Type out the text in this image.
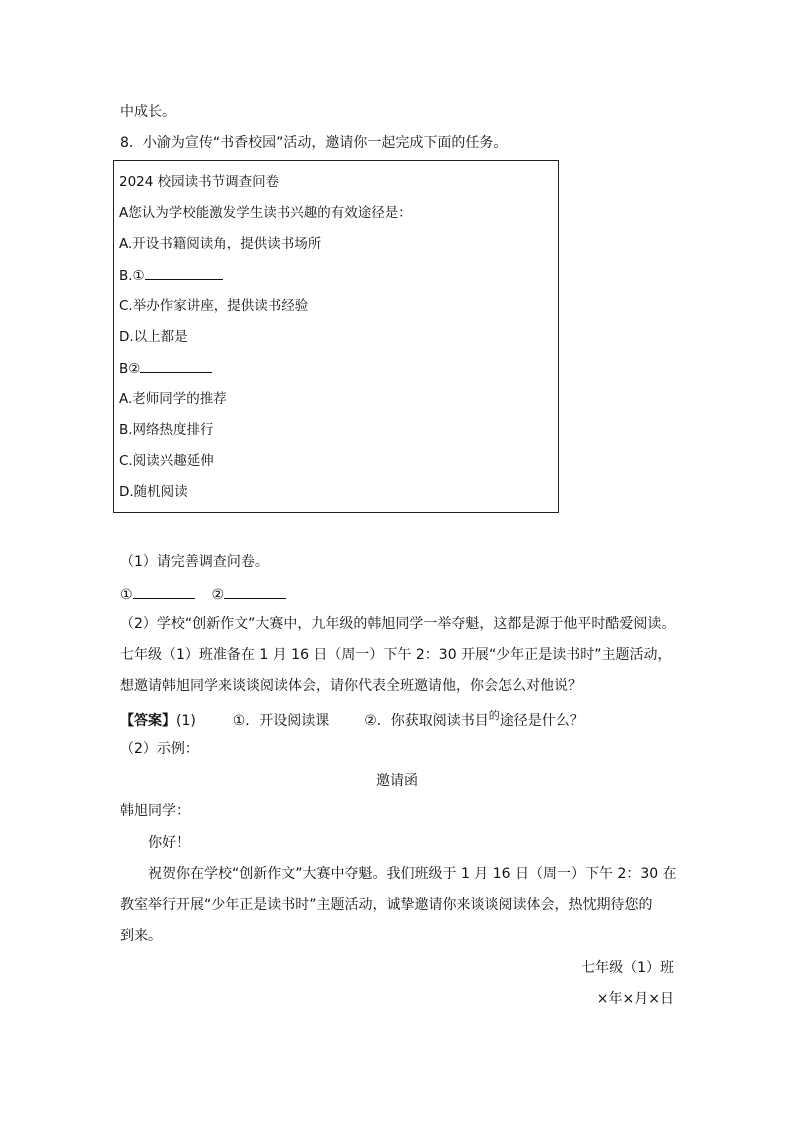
中成长。
8．小渝为宣传“书香校园”活动，邀请你一起完成下面的任务。
2024 校园读书节调查问卷
A您认为学校能激发学生读书兴趣的有效途径是：
A.开设书籍阅读角，提供读书场所
B.①
C.举办作家讲座，提供读书经验
D.以上都是
B②
A.老师同学的推荐
B.网络热度排行
C.阅读兴趣延伸
D.随机阅读
（1）请完善调查问卷。
①	②
（2）学校“创新作文”大赛中，九年级的韩旭同学一举夺魁，这都是源于他平时酷爱阅读。
七年级（1）班准备在 1 月 16 日（周一）下午 2：30 开展“少年正是读书时”主题活动，
想邀请韩旭同学来谈谈阅读体会，请你代表全班邀请他，你会怎么对他说？
【答案】(1)	①．开设阅读课 ②．你获取阅读书目$^的$途径是什么？
（2）示例：
邀请函
韩旭同学：
你好！
祝贺你在学校“创新作文”大赛中夺魁。我们班级于 1 月 16 日（周一）下午 2：30 在
教室举行开展“少年正是读书时”主题活动，诚挚邀请你来谈谈阅读体会，热忱期待您的
到来。
七年级（1）班
×年×月×日
